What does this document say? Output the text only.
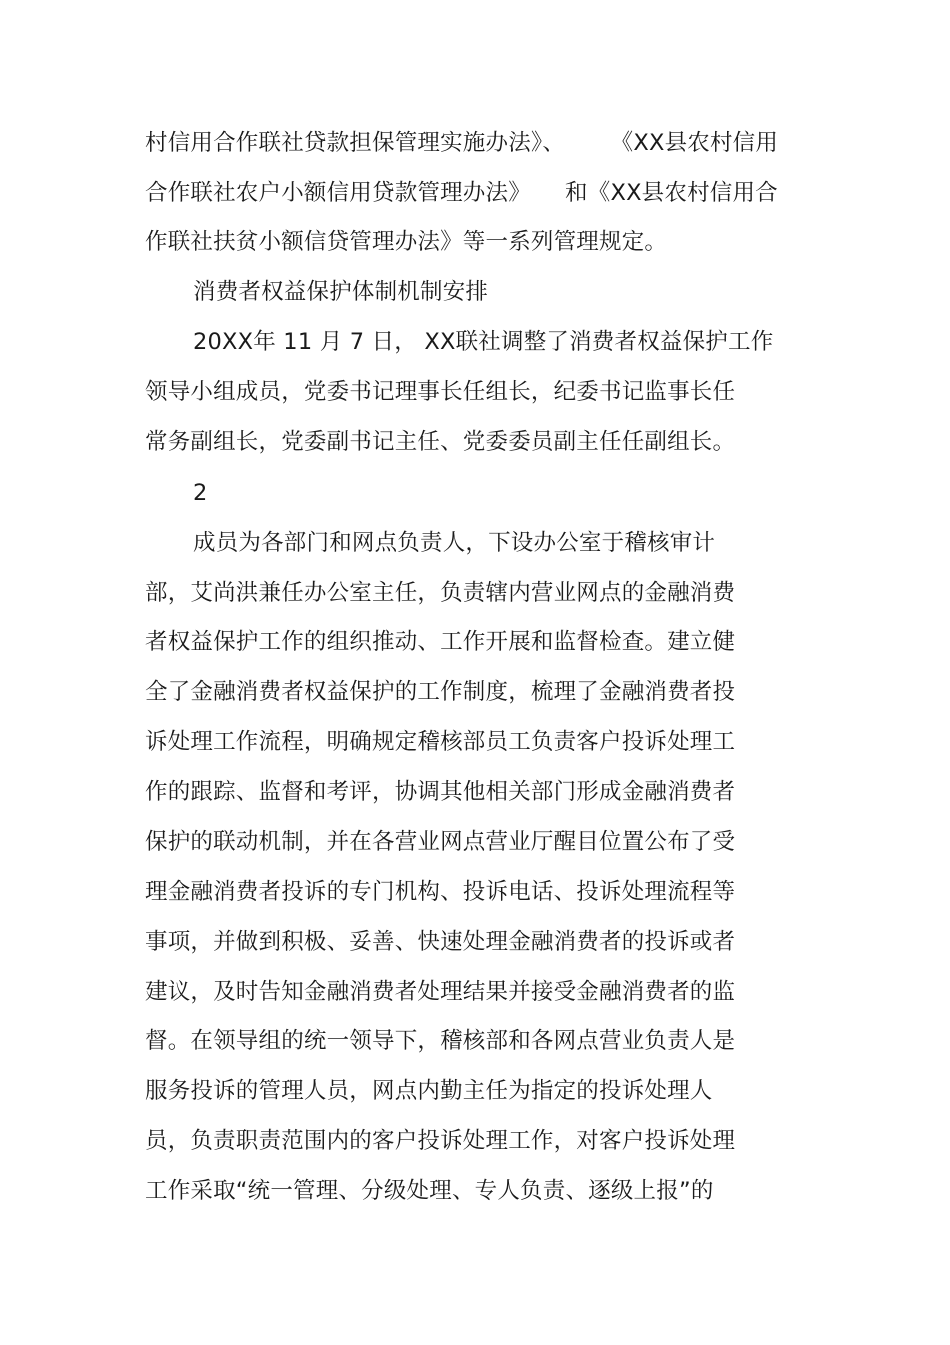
村信用合作联社贷款担保管理实施办法》、　　　《XX县农村信用
合作联社农户小额信用贷款管理办法》　　和《XX县农村信用合
作联社扶贫小额信贷管理办法》等一系列管理规定。
消费者权益保护体制机制安排
20XX年 11 月 7 日， XX联社调整了消费者权益保护工作
领导小组成员，党委书记理事长任组长，纪委书记监事长任
常务副组长，党委副书记主任、党委委员副主任任副组长。
2
成员为各部门和网点负责人，下设办公室于稽核审计
部，艾尚洪兼任办公室主任，负责辖内营业网点的金融消费
者权益保护工作的组织推动、工作开展和监督检查。建立健
全了金融消费者权益保护的工作制度，梳理了金融消费者投
诉处理工作流程，明确规定稽核部员工负责客户投诉处理工
作的跟踪、监督和考评，协调其他相关部门形成金融消费者
保护的联动机制，并在各营业网点营业厅醒目位置公布了受
理金融消费者投诉的专门机构、投诉电话、投诉处理流程等
事项，并做到积极、妥善、快速处理金融消费者的投诉或者
建议，及时告知金融消费者处理结果并接受金融消费者的监
督。在领导组的统一领导下，稽核部和各网点营业负责人是
服务投诉的管理人员，网点内勤主任为指定的投诉处理人
员，负责职责范围内的客户投诉处理工作，对客户投诉处理
工作采取“统一管理、分级处理、专人负责、逐级上报”的
